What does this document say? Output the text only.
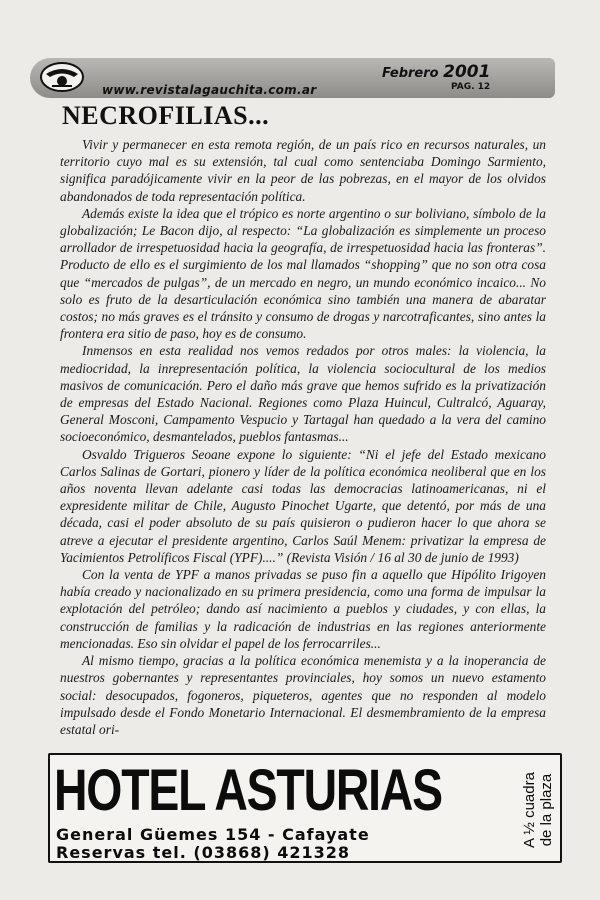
www.revistalagauchita.com.ar
Febrero 2001
PAG. 12
NECROFILIAS...

Vivir y permanecer en esta remota región, de un país rico en recursos naturales, un territorio cuyo mal es su extensión, tal cual como sentenciaba Domingo Sarmiento, significa paradójicamente vivir en la peor de las pobrezas, en el mayor de los olvidos abandonados de toda representación política.

Además existe la idea que el trópico es norte argentino o sur boliviano, símbolo de la globalización; Le Bacon dijo, al respecto: “La globalización es simplemente un proceso arrollador de irrespetuosidad hacia la geografía, de irrespetuosidad hacia las fronteras”. Producto de ello es el surgimiento de los mal llamados “shopping” que no son otra cosa que “mercados de pulgas”, de un mercado en negro, un mundo económico incaico... No solo es fruto de la desarticulación económica sino también una manera de abaratar costos; no más graves es el tránsito y consumo de drogas y narcotraficantes, sino antes la frontera era sitio de paso, hoy es de consumo.

Inmensos en esta realidad nos vemos redados por otros males: la violencia, la mediocridad, la inrepresentación política, la violencia sociocultural de los medios masivos de comunicación. Pero el daño más grave que hemos sufrido es la privatización de empresas del Estado Nacional. Regiones como Plaza Huincul, Cultralcó, Aguaray, General Mosconi, Campamento Vespucio y Tartagal han quedado a la vera del camino socioeconómico, desmantelados, pueblos fantasmas...

Osvaldo Trigueros Seoane expone lo siguiente: “Ni el jefe del Estado mexicano Carlos Salinas de Gortari, pionero y líder de la política económica neoliberal que en los años noventa llevan adelante casi todas las democracias latinoamericanas, ni el expresidente militar de Chile, Augusto Pinochet Ugarte, que detentó, por más de una década, casi el poder absoluto de su país quisieron o pudieron hacer lo que ahora se atreve a ejecutar el presidente argentino, Carlos Saúl Menem: privatizar la empresa de Yacimientos Petrolíficos Fiscal (YPF)....” (Revista Visión / 16 al 30 de junio de 1993)

Con la venta de YPF a manos privadas se puso fin a aquello que Hipólito Irigoyen había creado y nacionalizado en su primera presidencia, como una forma de impulsar la explotación del petróleo; dando así nacimiento a pueblos y ciudades, y con ellas, la construcción de familias y la radicación de industrias en las regiones anteriormente mencionadas. Eso sin olvidar el papel de los ferrocarriles...

Al mismo tiempo, gracias a la política económica menemista y a la inoperancia de nuestros gobernantes y representantes provinciales, hoy somos un nuevo estamento social: desocupados, fogoneros, piqueteros, agentes que no responden al modelo impulsado desde el Fondo Monetario Internacional. El desmembramiento de la empresa estatal ori-

HOTEL ASTURIAS
General Güemes 154 - Cafayate
Reservas tel. (03868) 421328
A ½ cuadra
de la plaza
